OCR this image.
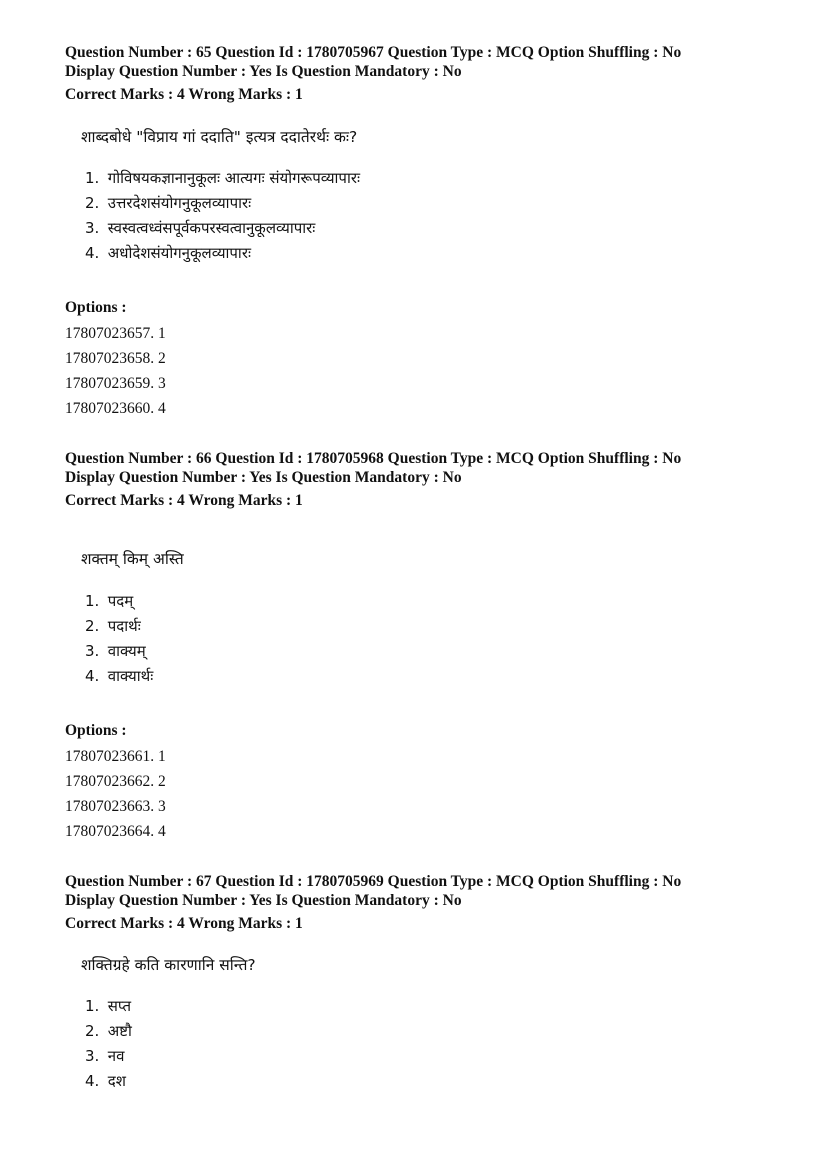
Question Number : 65 Question Id : 1780705967 Question Type : MCQ Option Shuffling : No
Display Question Number : Yes Is Question Mandatory : No
Correct Marks : 4 Wrong Marks : 1
शाब्दबोधे "विप्राय गां ददाति" इत्यत्र ददातेरर्थः कः?
1. गोविषयकज्ञानानुकूलः आत्यगः संयोगरूपव्यापारः
2. उत्तरदेशसंयोगनुकूलव्यापारः
3. स्वस्वत्वध्वंसपूर्वकपरस्वत्वानुकूलव्यापारः
4. अधोदेशसंयोगनुकूलव्यापारः
Options :
17807023657. 1
17807023658. 2
17807023659. 3
17807023660. 4
Question Number : 66 Question Id : 1780705968 Question Type : MCQ Option Shuffling : No
Display Question Number : Yes Is Question Mandatory : No
Correct Marks : 4 Wrong Marks : 1
शक्तम् किम् अस्ति
1. पदम्
2. पदार्थः
3. वाक्यम्
4. वाक्यार्थः
Options :
17807023661. 1
17807023662. 2
17807023663. 3
17807023664. 4
Question Number : 67 Question Id : 1780705969 Question Type : MCQ Option Shuffling : No
Display Question Number : Yes Is Question Mandatory : No
Correct Marks : 4 Wrong Marks : 1
शक्तिग्रहे कति कारणानि सन्ति?
1. सप्त
2. अष्टौ
3. नव
4. दश
